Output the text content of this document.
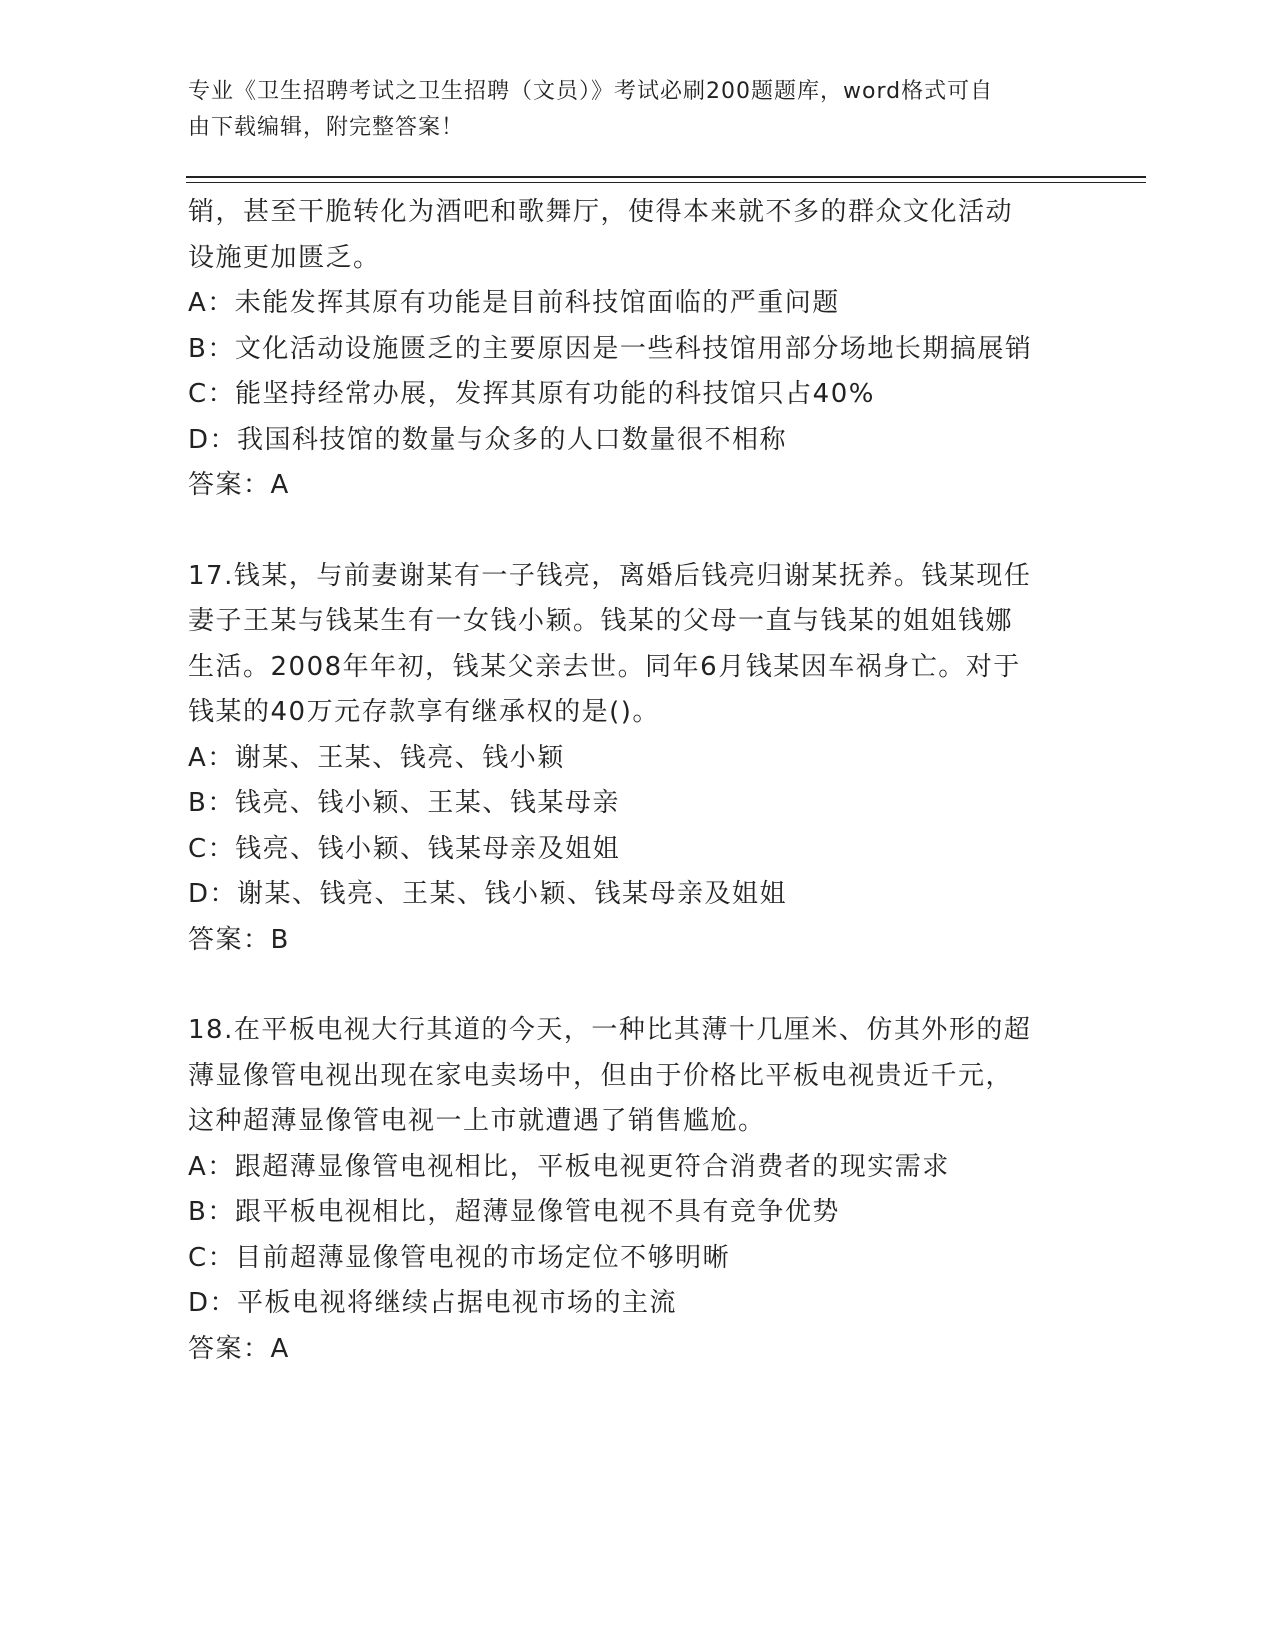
专业《卫生招聘考试之卫生招聘（文员）》考试必刷200题题库，word格式可自
由下载编辑，附完整答案！
销，甚至干脆转化为酒吧和歌舞厅，使得本来就不多的群众文化活动
设施更加匮乏。
A：未能发挥其原有功能是目前科技馆面临的严重问题
B：文化活动设施匮乏的主要原因是一些科技馆用部分场地长期搞展销
C：能坚持经常办展，发挥其原有功能的科技馆只占40%
D：我国科技馆的数量与众多的人口数量很不相称
答案：A
17.钱某，与前妻谢某有一子钱亮，离婚后钱亮归谢某抚养。钱某现任
妻子王某与钱某生有一女钱小颖。钱某的父母一直与钱某的姐姐钱娜
生活。2008年年初，钱某父亲去世。同年6月钱某因车祸身亡。对于
钱某的40万元存款享有继承权的是()。
A：谢某、王某、钱亮、钱小颖
B：钱亮、钱小颖、王某、钱某母亲
C：钱亮、钱小颖、钱某母亲及姐姐
D：谢某、钱亮、王某、钱小颖、钱某母亲及姐姐
答案：B
18.在平板电视大行其道的今天，一种比其薄十几厘米、仿其外形的超
薄显像管电视出现在家电卖场中，但由于价格比平板电视贵近千元，
这种超薄显像管电视一上市就遭遇了销售尴尬。
A：跟超薄显像管电视相比，平板电视更符合消费者的现实需求
B：跟平板电视相比，超薄显像管电视不具有竞争优势
C：目前超薄显像管电视的市场定位不够明晰
D：平板电视将继续占据电视市场的主流
答案：A
